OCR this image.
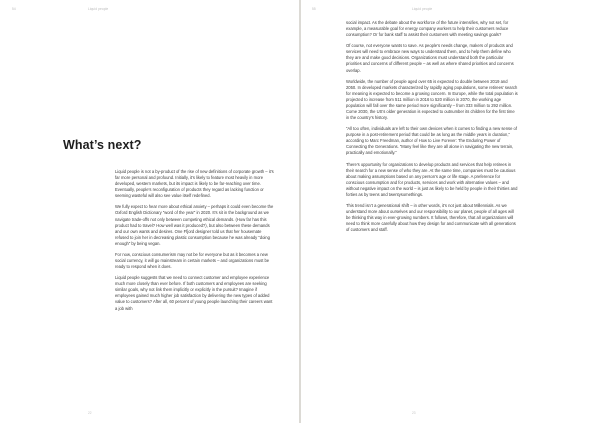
54	Liquid people
What’s next?

Liquid people is not a by-product of the rise of new definitions of corporate growth – it’s far more personal and profound. Initially, it’s likely to feature most heavily in more developed, western markets, but its impact is likely to be far-reaching over time. Eventually, people’s reconfiguration of products they regard as lacking function or seeming wasteful will also see value itself redefined.

We fully expect to hear more about ethical anxiety – perhaps it could even become the Oxford English Dictionary “word of the year” in 2020. It’s sit in the background as we navigate trade-offs not only between competing ethical demands. (How far has this product had to travel? How well was it produced?), but also between these demands and our own wants and desires. One Ffjord designer told us that her housemate refused to join her in decreasing plastic consumption because he was already “doing enough” by being vegan.

For now, conscious consumerism may not be for everyone but as it becomes a new social currency, it will go mainstream in certain markets – and organizations must be ready to respond when it does.

Liquid people suggests that we need to connect customer and employee experience much more closely than ever before. If both customers and employees are seeking similar goals, why not link them implicitly or explicitly in the pursuit? Imagine if employees gained much higher job satisfaction by delivering the new types of added value to customers? After all, 60 percent of young people launching their careers want a job with

22
55	Liquid people

social impact. As the debate about the workforce of the future intensifies, why not set, for example, a measurable goal for energy company workers to help their customers reduce consumption? Or for bank staff to assist their customers with meeting savings goals?

Of course, not everyone wants to save. As people’s needs change, makers of products and services will need to embrace new ways to understand them, and to help them define who they are and make good decisions. Organizations must understand both the particular priorities and concerns of different people – as well as where shared priorities and concerns overlap.

Worldwide, the number of people aged over 65 is expected to double between 2019 and 2050. In developed markets characterized by rapidly aging populations, some retirees’ search for meaning is expected to become a growing concern. In Europe, while the total population is projected to increase from 511 million in 2016 to 520 million in 2070, the working age population will fall over the same period more significantly – from 333 million to 292 million. Come 2030, the US’s older generation is expected to outnumber its children for the first time in the country’s history.

“All too often, individuals are left to their own devices when it comes to finding a new sense of purpose in a post-retirement period that could be as long as the middle years in duration,” according to Marc Freedman, author of How to Live Forever: The Enduring Power of Connecting the Generations. “Many feel like they are all alone in navigating the new terrain, practically and emotionally.”

There’s opportunity for organizations to develop products and services that help retirees in their search for a new sense of who they are. At the same time, companies must be cautious about making assumptions based on any person’s age or life stage. A preference for conscious consumption and for products, services and work with alternative values – and without negative impact on the world – is just as likely to be held by people in their thirties and forties as by teens and twentysomethings.

This trend isn’t a generational shift – in other words, it’s not just about Millennials. As we understand more about ourselves and our responsibility to our planet, people of all ages will be thinking this way in ever-growing numbers. It follows, therefore, that all organizations will need to think more carefully about how they design for and communicate with all generations of customers and staff.

23
